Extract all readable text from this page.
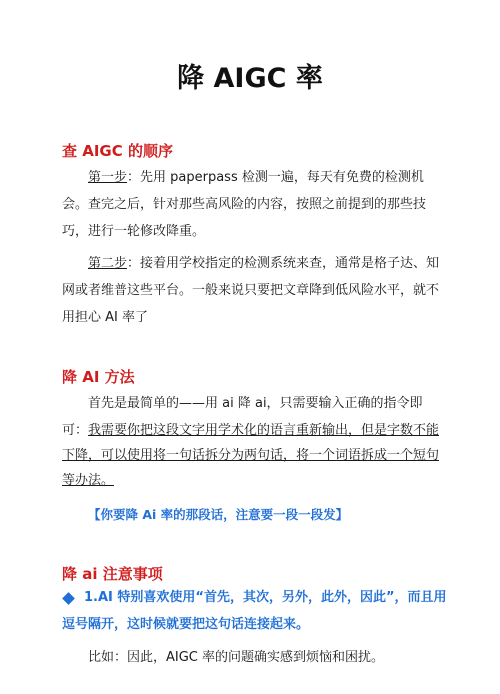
降 AIGC 率
查 AIGC 的顺序
第一步：先用 paperpass 检测一遍，每天有免费的检测机会。查完之后，针对那些高风险的内容，按照之前提到的那些技巧，进行一轮修改降重。
第二步：接着用学校指定的检测系统来查，通常是格子达、知网或者维普这些平台。一般来说只要把文章降到低风险水平，就不用担心 AI 率了
降 AI 方法
首先是最简单的——用 ai 降 ai，只需要输入正确的指令即可： 我需要你把这段文字用学术化的语言重新输出，但是字数不能下降，可以使用将一句话拆分为两句话，将一个词语拆成一个短句等办法。
【你要降 Ai 率的那段话，注意要一段一段发】
降 ai 注意事项
1.AI 特别喜欢使用“首先，其次，另外，此外，因此”，而且用逗号隔开，这时候就要把这句话连接起来。
比如：因此，AIGC 率的问题确实感到烦恼和困扰。
